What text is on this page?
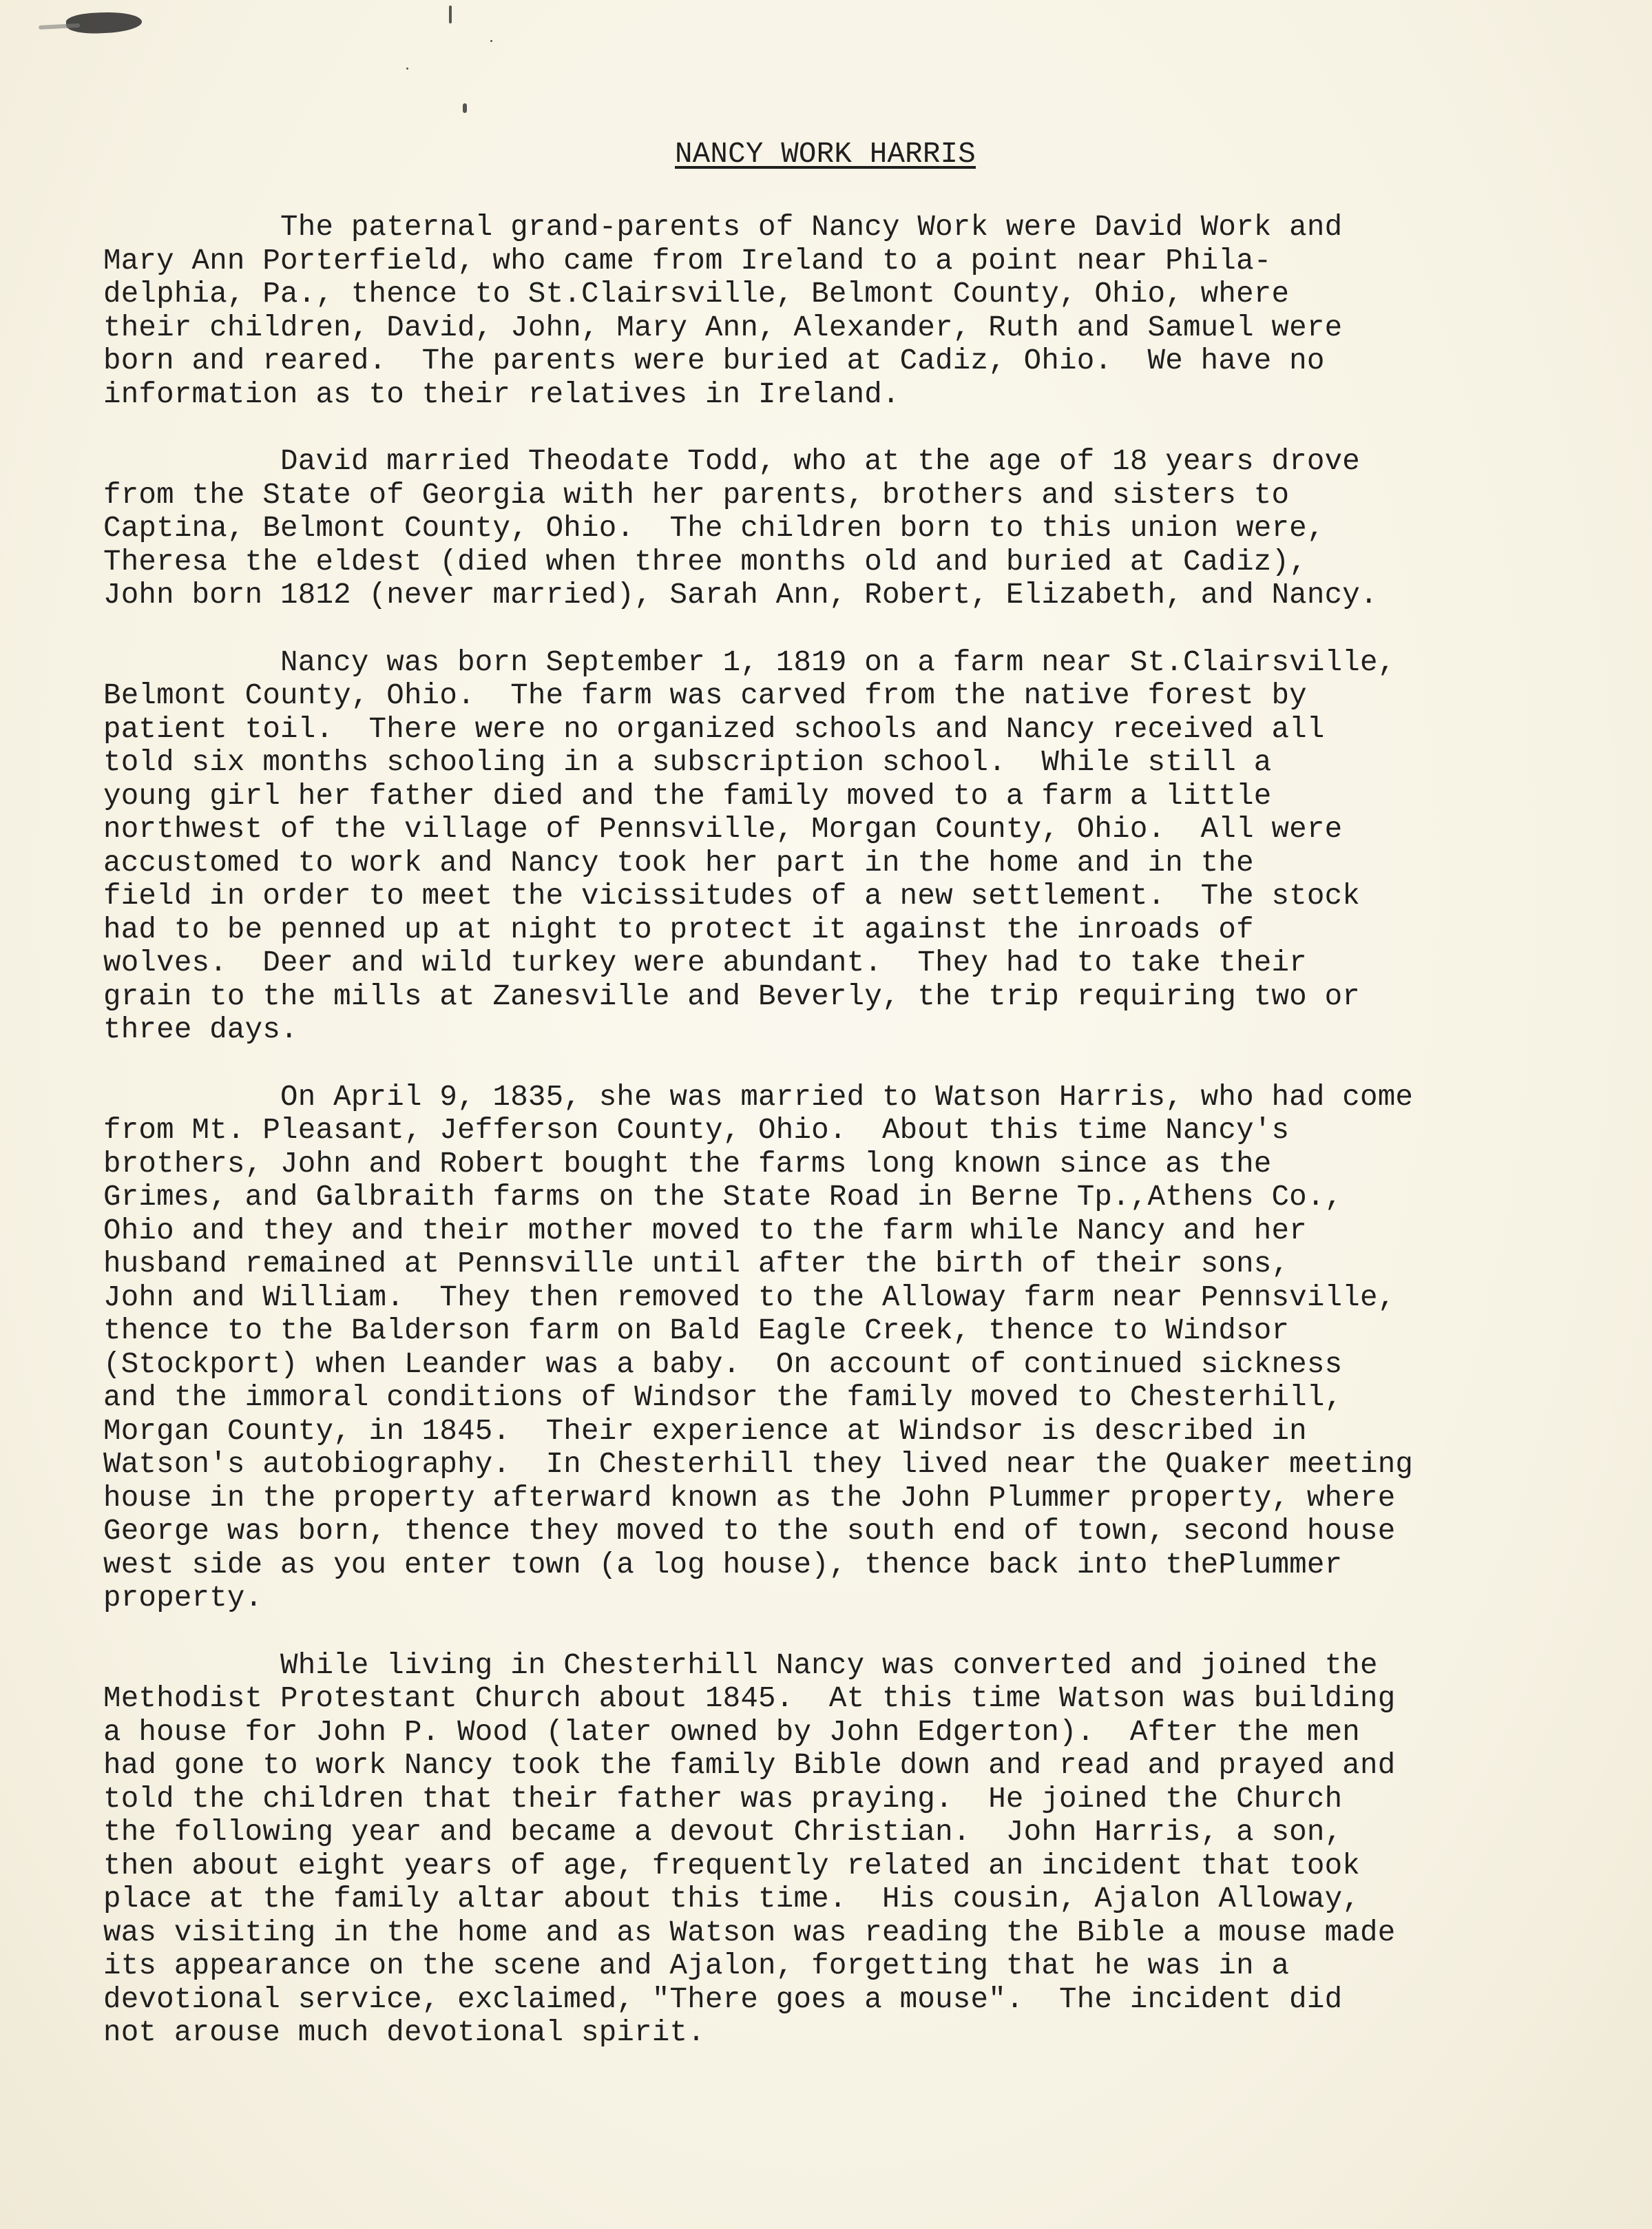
NANCY WORK HARRIS
The paternal grand-parents of Nancy Work were David Work and
Mary Ann Porterfield, who came from Ireland to a point near Phila-
delphia, Pa., thence to St.Clairsville, Belmont County, Ohio, where
their children, David, John, Mary Ann, Alexander, Ruth and Samuel were
born and reared.  The parents were buried at Cadiz, Ohio.  We have no
information as to their relatives in Ireland.
David married Theodate Todd, who at the age of 18 years drove
from the State of Georgia with her parents, brothers and sisters to
Captina, Belmont County, Ohio.  The children born to this union were,
Theresa the eldest (died when three months old and buried at Cadiz),
John born 1812 (never married), Sarah Ann, Robert, Elizabeth, and Nancy.
Nancy was born September 1, 1819 on a farm near St.Clairsville,
Belmont County, Ohio.  The farm was carved from the native forest by
patient toil.  There were no organized schools and Nancy received all
told six months schooling in a subscription school.  While still a
young girl her father died and the family moved to a farm a little
northwest of the village of Pennsville, Morgan County, Ohio.  All were
accustomed to work and Nancy took her part in the home and in the
field in order to meet the vicissitudes of a new settlement.  The stock
had to be penned up at night to protect it against the inroads of
wolves.  Deer and wild turkey were abundant.  They had to take their
grain to the mills at Zanesville and Beverly, the trip requiring two or
three days.
On April 9, 1835, she was married to Watson Harris, who had come
from Mt. Pleasant, Jefferson County, Ohio.  About this time Nancy's
brothers, John and Robert bought the farms long known since as the
Grimes, and Galbraith farms on the State Road in Berne Tp.,Athens Co.,
Ohio and they and their mother moved to the farm while Nancy and her
husband remained at Pennsville until after the birth of their sons,
John and William.  They then removed to the Alloway farm near Pennsville,
thence to the Balderson farm on Bald Eagle Creek, thence to Windsor
(Stockport) when Leander was a baby.  On account of continued sickness
and the immoral conditions of Windsor the family moved to Chesterhill,
Morgan County, in 1845.  Their experience at Windsor is described in
Watson's autobiography.  In Chesterhill they lived near the Quaker meeting
house in the property afterward known as the John Plummer property, where
George was born, thence they moved to the south end of town, second house
west side as you enter town (a log house), thence back into thePlummer
property.
While living in Chesterhill Nancy was converted and joined the
Methodist Protestant Church about 1845.  At this time Watson was building
a house for John P. Wood (later owned by John Edgerton).  After the men
had gone to work Nancy took the family Bible down and read and prayed and
told the children that their father was praying.  He joined the Church
the following year and became a devout Christian.  John Harris, a son,
then about eight years of age, frequently related an incident that took
place at the family altar about this time.  His cousin, Ajalon Alloway,
was visiting in the home and as Watson was reading the Bible a mouse made
its appearance on the scene and Ajalon, forgetting that he was in a
devotional service, exclaimed, "There goes a mouse".  The incident did
not arouse much devotional spirit.
